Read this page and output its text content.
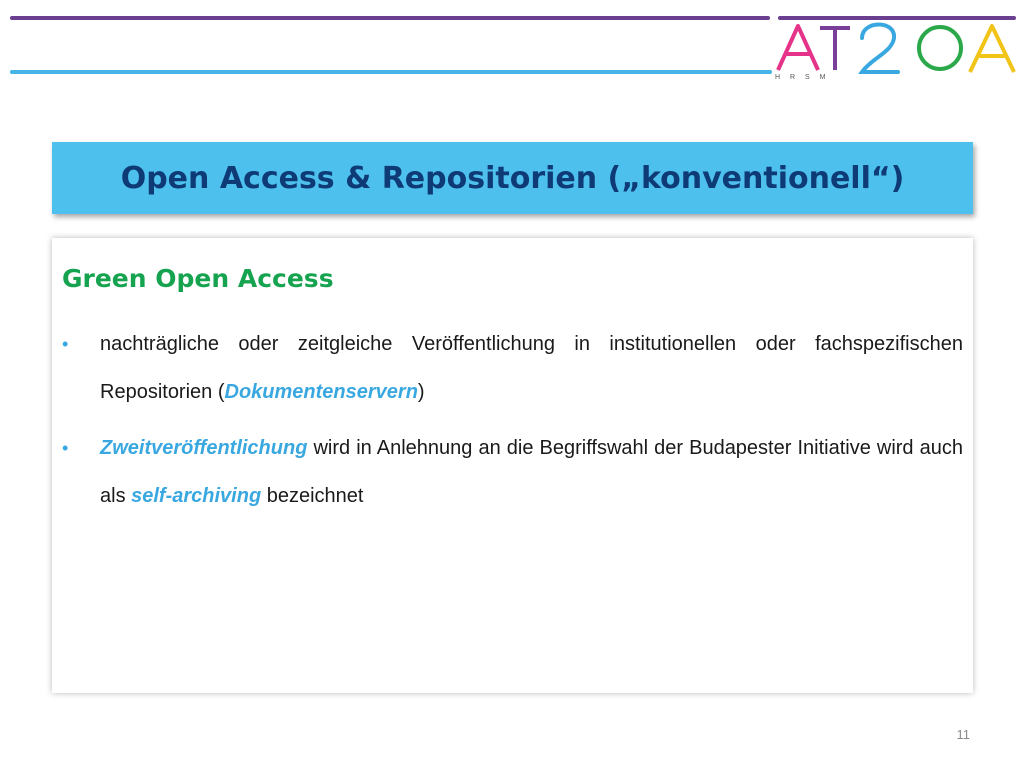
H R S M
Open Access & Repositorien („konventionell“)
Green Open Access
• nachträgliche oder zeitgleiche Veröffentlichung in institutionellen oder fachspezifischen Repositorien (Dokumentenservern)
• Zweitveröffentlichung wird in Anlehnung an die Begriffswahl der Budapester Initiative wird auch als self-archiving bezeichnet
11
